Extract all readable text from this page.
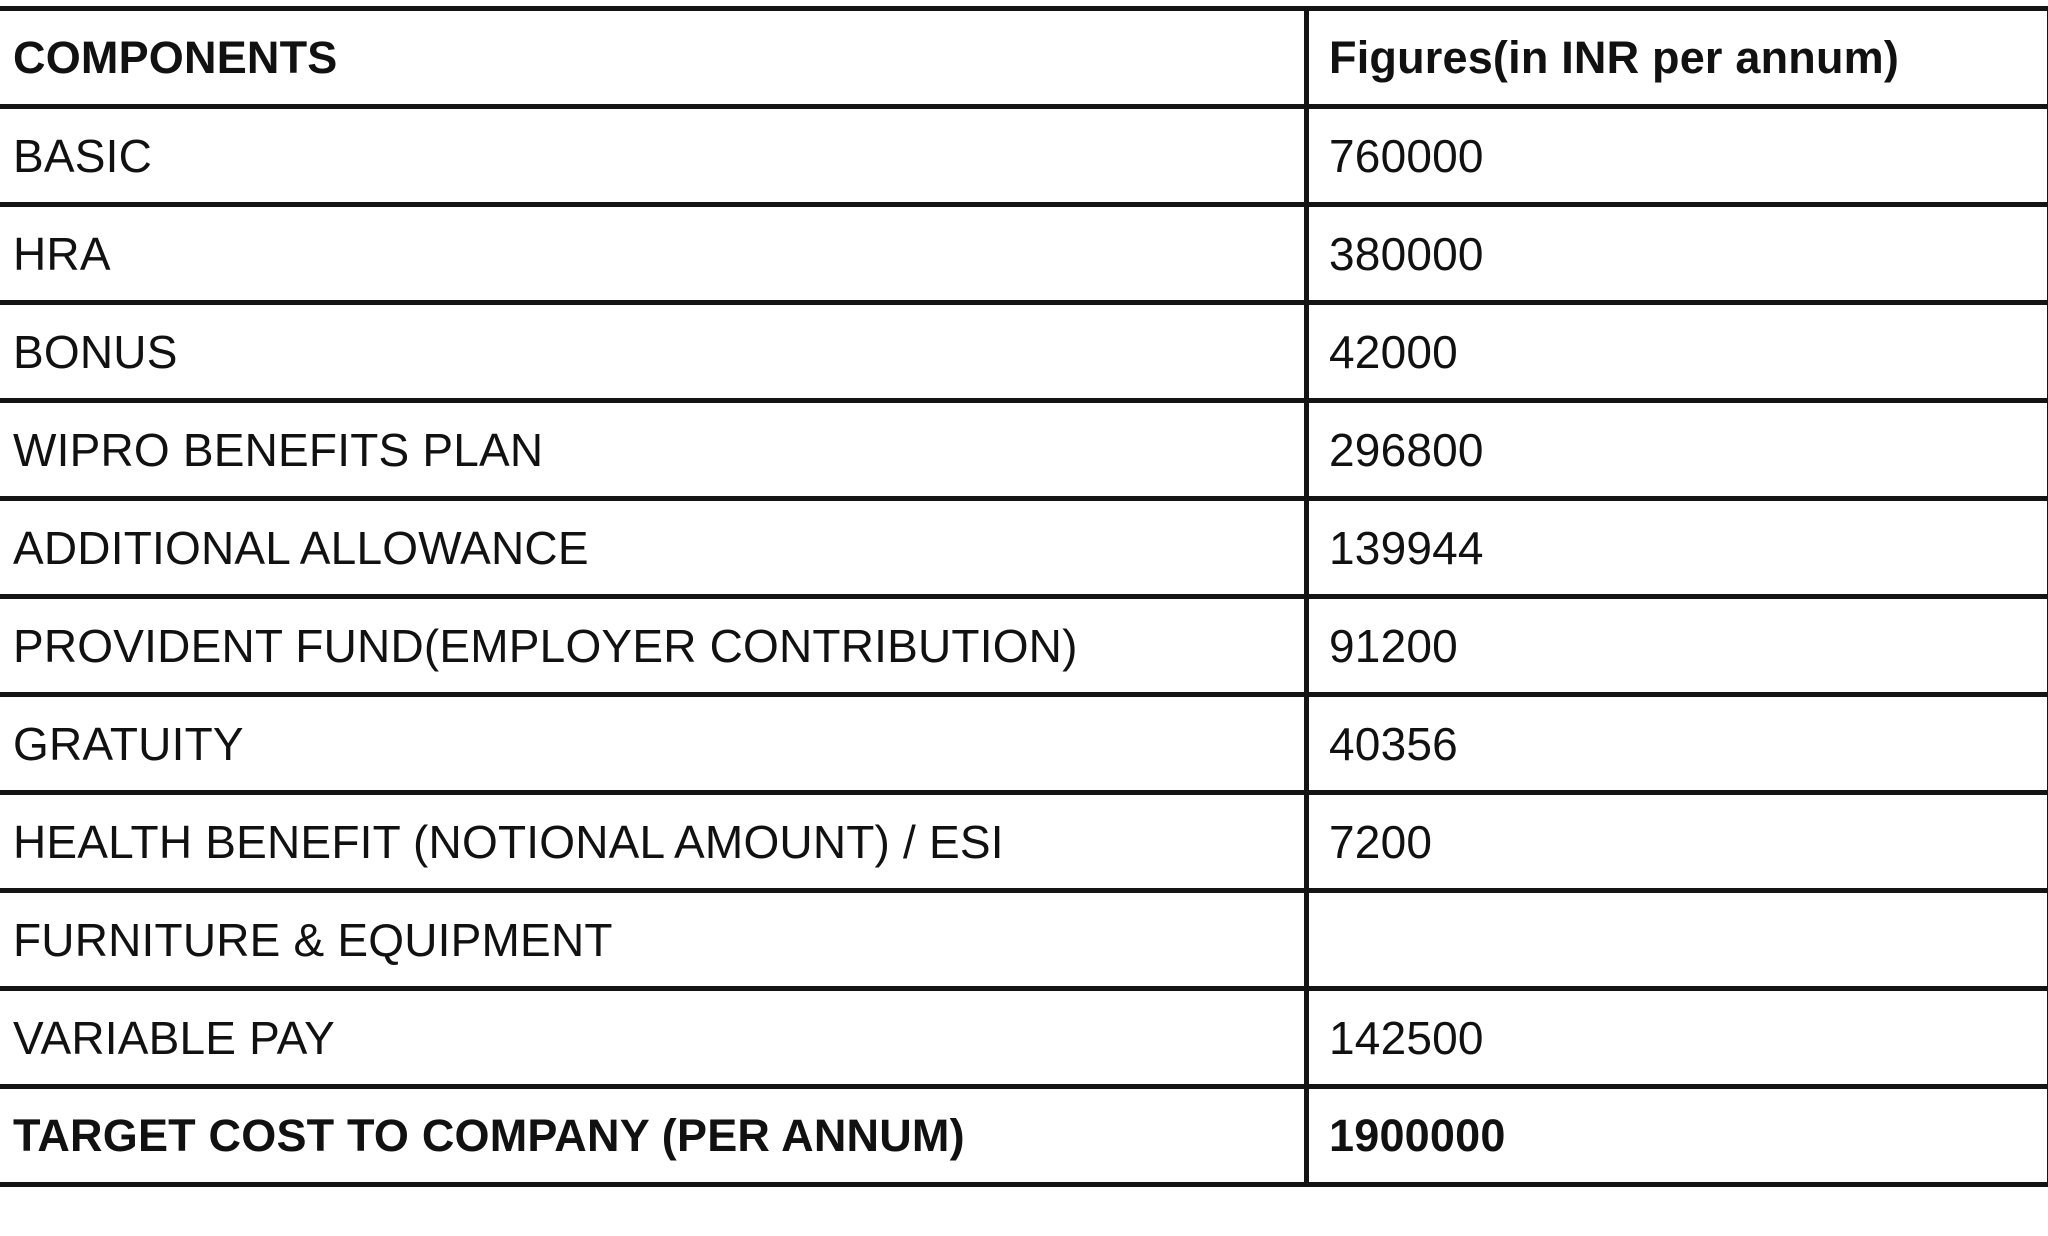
COMPONENTS	Figures(in INR per annum)
BASIC	760000
HRA	380000
BONUS	42000
WIPRO BENEFITS PLAN	296800
ADDITIONAL ALLOWANCE	139944
PROVIDENT FUND(EMPLOYER CONTRIBUTION)	91200
GRATUITY	40356
HEALTH BENEFIT (NOTIONAL AMOUNT) / ESI	7200
FURNITURE & EQUIPMENT	
VARIABLE PAY	142500
TARGET COST TO COMPANY (PER ANNUM)	1900000
